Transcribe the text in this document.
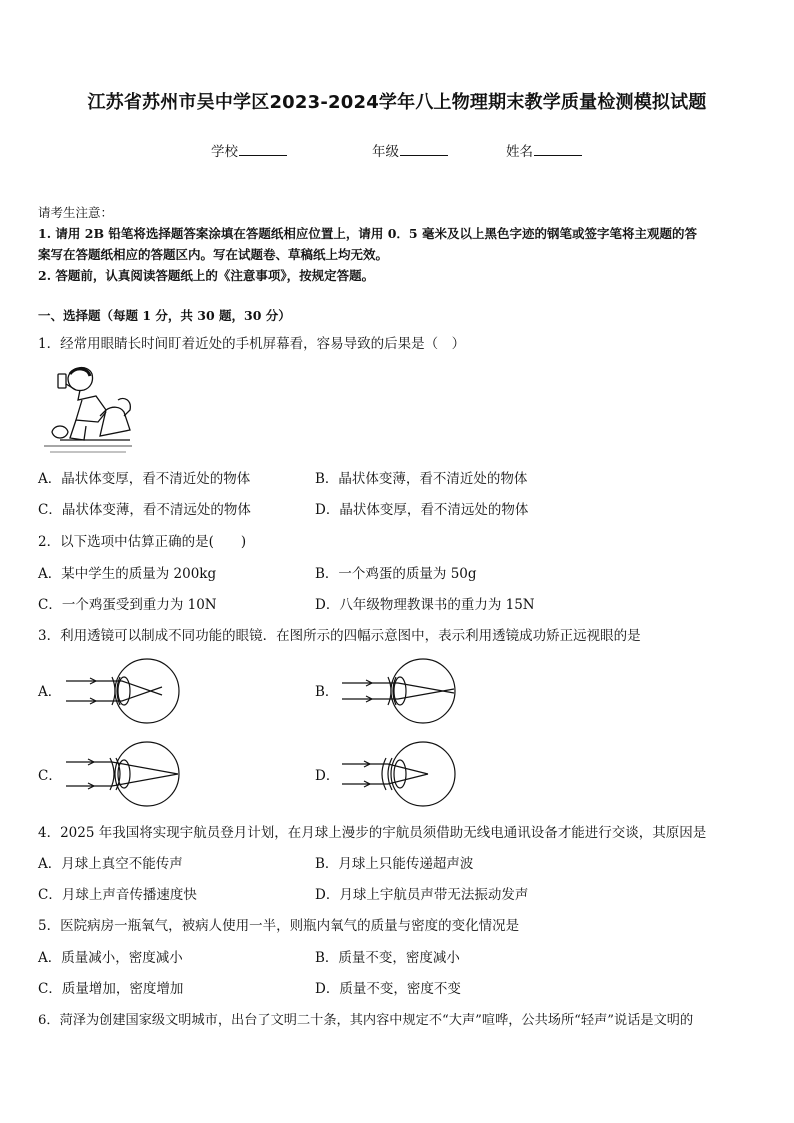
江苏省苏州市吴中学区2023-2024学年八上物理期末教学质量检测模拟试题
学校	年级	姓名
请考生注意：
1. 请用 2B 铅笔将选择题答案涂填在答题纸相应位置上，请用 0．5 毫米及以上黑色字迹的钢笔或签字笔将主观题的答
案写在答题纸相应的答题区内。写在试题卷、草稿纸上均无效。
2. 答题前，认真阅读答题纸上的《注意事项》，按规定答题。
一、选择题（每题 1 分，共 30 题，30 分）
1．经常用眼睛长时间盯着近处的手机屏幕看，容易导致的后果是（　）
A．晶状体变厚，看不清近处的物体	B．晶状体变薄，看不清近处的物体
C．晶状体变薄，看不清远处的物体	D．晶状体变厚，看不清远处的物体
2．以下选项中估算正确的是(　　)
A．某中学生的质量为 200kg	B．一个鸡蛋的质量为 50g
C．一个鸡蛋受到重力为 10N	D．八年级物理教课书的重力为 15N
3．利用透镜可以制成不同功能的眼镜．在图所示的四幅示意图中，表示利用透镜成功矫正远视眼的是
A．	B．
C．	D．
4．2025 年我国将实现宇航员登月计划，在月球上漫步的宇航员须借助无线电通讯设备才能进行交谈，其原因是
A．月球上真空不能传声	B．月球上只能传递超声波
C．月球上声音传播速度快	D．月球上宇航员声带无法振动发声
5．医院病房一瓶氧气，被病人使用一半，则瓶内氧气的质量与密度的变化情况是
A．质量减小，密度减小	B．质量不变，密度减小
C．质量增加，密度增加	D．质量不变，密度不变
6．菏泽为创建国家级文明城市，出台了文明二十条，其内容中规定不“大声”喧哗，公共场所“轻声”说话是文明的
